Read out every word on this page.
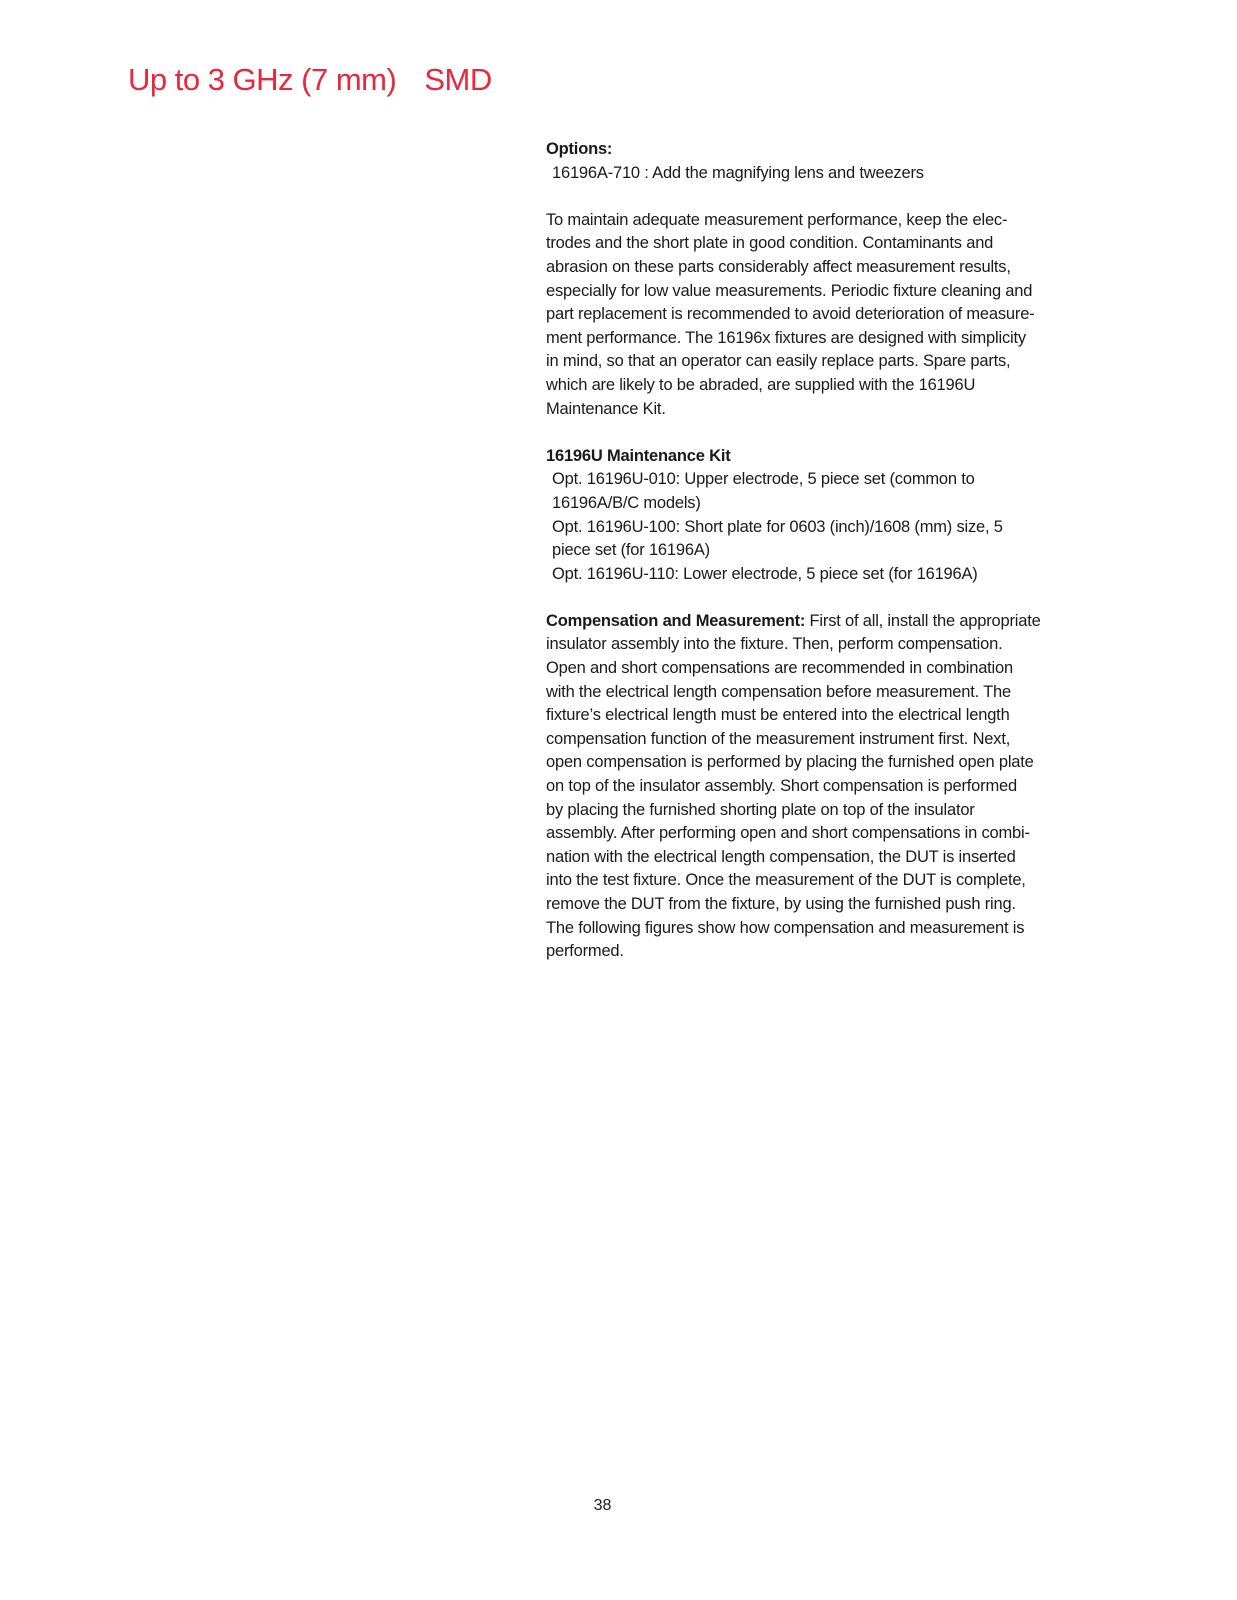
Up to 3 GHz (7 mm) SMD

Options:

16196A-710 : Add the magnifying lens and tweezers

To maintain adequate measurement performance, keep the elec-

trodes and the short plate in good condition. Contaminants and

abrasion on these parts considerably affect measurement results,

especially for low value measurements. Periodic fixture cleaning and

part replacement is recommended to avoid deterioration of measure-

ment performance. The 16196x fixtures are designed with simplicity

in mind, so that an operator can easily replace parts. Spare parts,

which are likely to be abraded, are supplied with the 16196U

Maintenance Kit.

16196U Maintenance Kit

Opt. 16196U-010: Upper electrode, 5 piece set (common to

16196A/B/C models)

Opt. 16196U-100: Short plate for 0603 (inch)/1608 (mm) size, 5

piece set (for 16196A)

Opt. 16196U-110: Lower electrode, 5 piece set (for 16196A)

Compensation and Measurement: First of all, install the appropriate

insulator assembly into the fixture. Then, perform compensation.

Open and short compensations are recommended in combination

with the electrical length compensation before measurement. The

fixture’s electrical length must be entered into the electrical length

compensation function of the measurement instrument first. Next,

open compensation is performed by placing the furnished open plate

on top of the insulator assembly. Short compensation is performed

by placing the furnished shorting plate on top of the insulator

assembly. After performing open and short compensations in combi-

nation with the electrical length compensation, the DUT is inserted

into the test fixture. Once the measurement of the DUT is complete,

remove the DUT from the fixture, by using the furnished push ring.

The following figures show how compensation and measurement is

performed.

38
